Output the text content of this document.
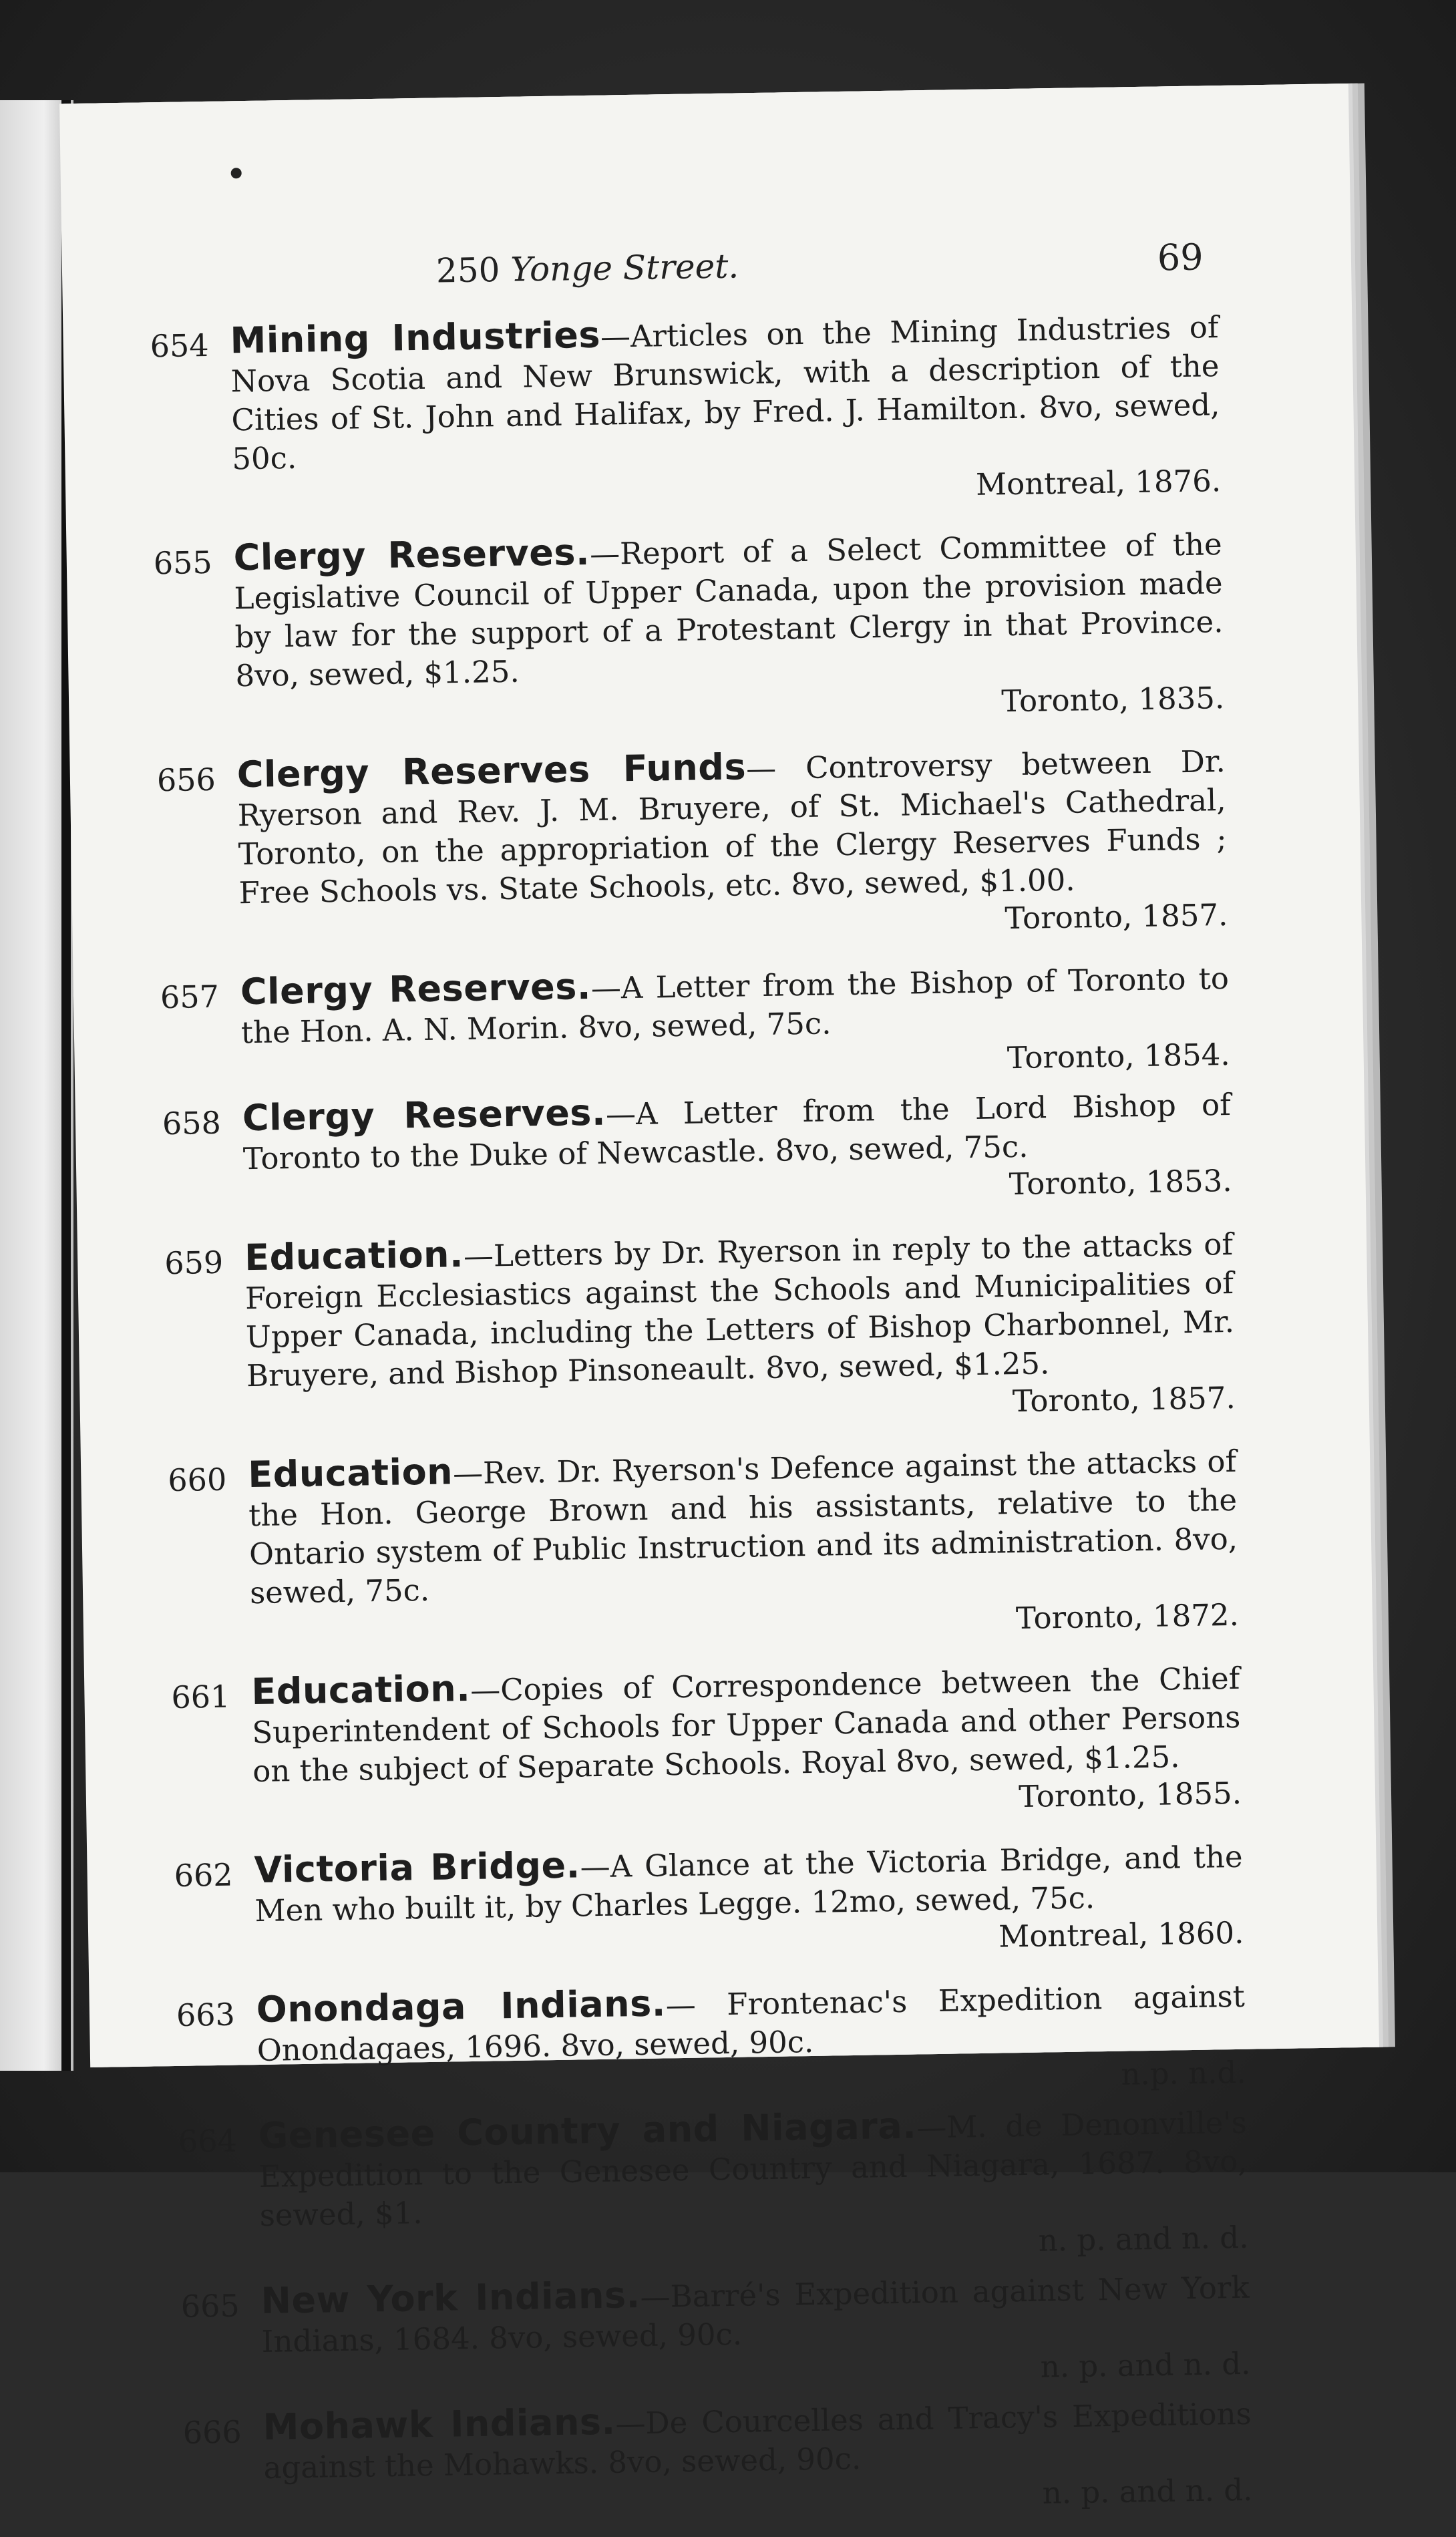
250 Yonge Street.	69
654 Mining Industries—Articles on the Mining Industries of Nova Scotia and New Brunswick, with a description of the Cities of St. John and Halifax, by Fred. J. Hamilton. 8vo, sewed, 50c.
Montreal, 1876.
655 Clergy Reserves.—Report of a Select Committee of the Legislative Council of Upper Canada, upon the provision made by law for the support of a Protestant Clergy in that Province. 8vo, sewed, $1.25.
Toronto, 1835.
656 Clergy Reserves Funds— Controversy between Dr. Ryerson and Rev. J. M. Bruyere, of St. Michael's Cathedral, Toronto, on the appropriation of the Clergy Reserves Funds ; Free Schools vs. State Schools, etc. 8vo, sewed, $1.00.
Toronto, 1857.
657 Clergy Reserves.—A Letter from the Bishop of Toronto to the Hon. A. N. Morin. 8vo, sewed, 75c.
Toronto, 1854.
658 Clergy Reserves.—A Letter from the Lord Bishop of Toronto to the Duke of Newcastle. 8vo, sewed, 75c.
Toronto, 1853.
659 Education.—Letters by Dr. Ryerson in reply to the attacks of Foreign Ecclesiastics against the Schools and Municipalities of Upper Canada, including the Letters of Bishop Charbonnel, Mr. Bruyere, and Bishop Pinsoneault. 8vo, sewed, $1.25.
Toronto, 1857.
660 Education—Rev. Dr. Ryerson's Defence against the attacks of the Hon. George Brown and his assistants, relative to the Ontario system of Public Instruction and its administration. 8vo, sewed, 75c.
Toronto, 1872.
661 Education.—Copies of Correspondence between the Chief Superintendent of Schools for Upper Canada and other Persons on the subject of Separate Schools. Royal 8vo, sewed, $1.25.
Toronto, 1855.
662 Victoria Bridge.—A Glance at the Victoria Bridge, and the Men who built it, by Charles Legge. 12mo, sewed, 75c.
Montreal, 1860.
663 Onondaga Indians.— Frontenac's Expedition against Onondagaes, 1696. 8vo, sewed, 90c.
n.p. n.d.
664 Genesee Country and Niagara.—M. de Denonville's Expedition to the Genesee Country and Niagara, 1687. 8vo, sewed, $1.
n. p. and n. d.
665 New York Indians.—Barré's Expedition against New York Indians, 1684. 8vo, sewed, 90c.
n. p. and n. d.
666 Mohawk Indians.—De Courcelles and Tracy's Expeditions against the Mohawks. 8vo, sewed, 90c.
n. p. and n. d.
